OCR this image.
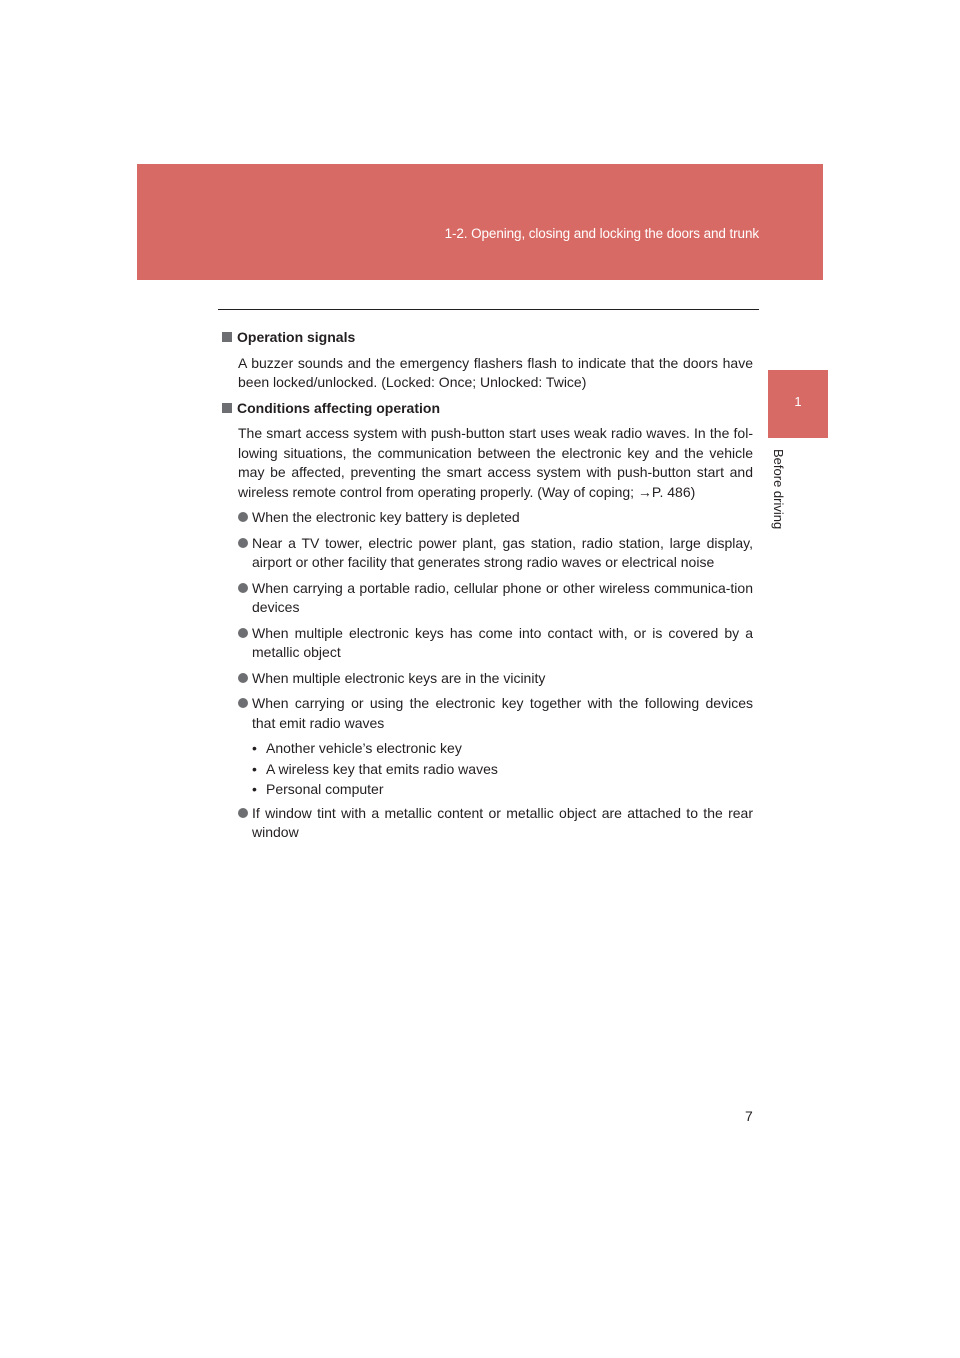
1-2. Opening, closing and locking the doors and trunk
1
Before driving
Operation signals
A buzzer sounds and the emergency flashers flash to indicate that the doors have been locked/unlocked. (Locked: Once; Unlocked: Twice)
Conditions affecting operation
The smart access system with push-button start uses weak radio waves. In the fol-lowing situations, the communication between the electronic key and the vehicle may be affected, preventing the smart access system with push-button start and wireless remote control from operating properly. (Way of coping; →P. 486)
When the electronic key battery is depleted
Near a TV tower, electric power plant, gas station, radio station, large display, airport or other facility that generates strong radio waves or electrical noise
When carrying a portable radio, cellular phone or other wireless communica-tion devices
When multiple electronic keys has come into contact with, or is covered by a metallic object
When multiple electronic keys are in the vicinity
When carrying or using the electronic key together with the following devices that emit radio waves
• Another vehicle’s electronic key
• A wireless key that emits radio waves
• Personal computer
If window tint with a metallic content or metallic object are attached to the rear window
7
